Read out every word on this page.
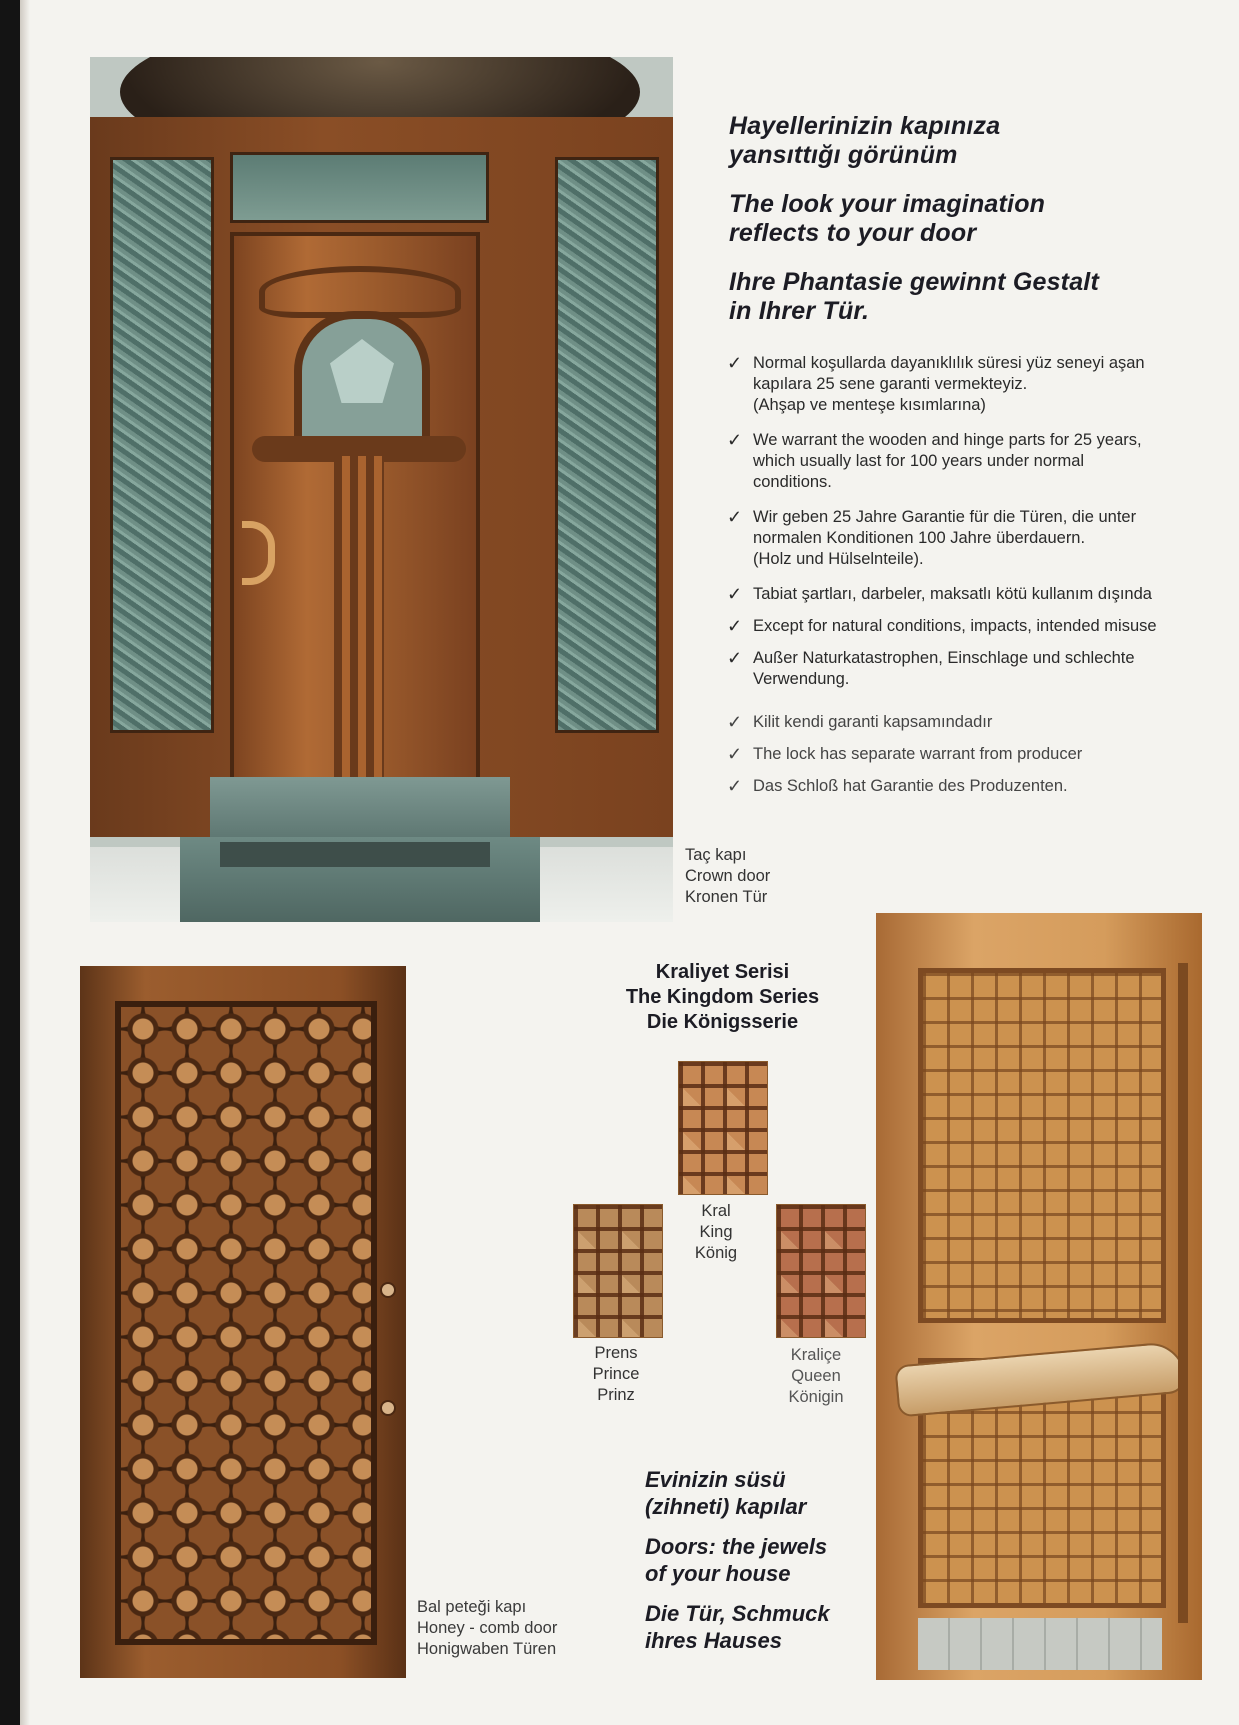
Hayellerinizin kapınıza
yansıttığı görünüm
The look your imagination
reflects to your door
Ihre Phantasie gewinnt Gestalt
in Ihrer Tür.
✓ Normal koşullarda dayanıklılık süresi yüz seneyi aşan
kapılara 25 sene garanti vermekteyiz.
(Ahşap ve menteşe kısımlarına)
✓ We warrant the wooden and hinge parts for 25 years,
which usually last for 100 years under normal
conditions.
✓ Wir geben 25 Jahre Garantie für die Türen, die unter
normalen Konditionen 100 Jahre überdauern.
(Holz und Hülselnteile).
✓ Tabiat şartları, darbeler, maksatlı kötü kullanım dışında
✓ Except for natural conditions, impacts, intended misuse
✓ Außer Naturkatastrophen, Einschlage und schlechte
Verwendung.
✓ Kilit kendi garanti kapsamındadır
✓ The lock has separate warrant from producer
✓ Das Schloß hat Garantie des Produzenten.

Taç kapı
Crown door
Kronen Tür

Bal peteği kapı
Honey - comb door
Honigwaben Türen

Kraliyet Serisi
The Kingdom Series
Die Königsserie
Kral
King
König
Prens
Prince
Prinz
Kraliçe
Queen
Königin
Evinizin süsü
(zihneti) kapılar
Doors: the jewels
of your house
Die Tür, Schmuck
ihres Hauses
